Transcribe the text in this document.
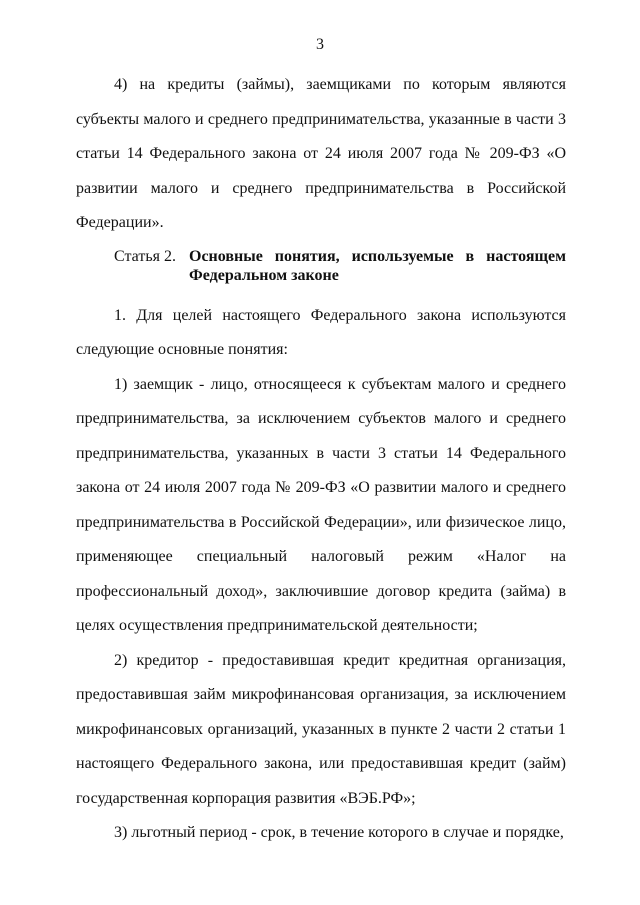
3

4) на кредиты (займы), заемщиками по которым являются субъекты малого и среднего предпринимательства, указанные в части 3 статьи 14 Федерального закона от 24 июля 2007 года № 209-ФЗ «О развитии малого и среднего предпринимательства в Российской Федерации».

Статья 2. Основные понятия, используемые в настоящем Федеральном законе

1. Для целей настоящего Федерального закона используются следующие основные понятия:

1) заемщик - лицо, относящееся к субъектам малого и среднего предпринимательства, за исключением субъектов малого и среднего предпринимательства, указанных в части 3 статьи 14 Федерального закона от 24 июля 2007 года № 209-ФЗ «О развитии малого и среднего предпринимательства в Российской Федерации», или физическое лицо, применяющее специальный налоговый режим «Налог на профессиональный доход», заключившие договор кредита (займа) в целях осуществления предпринимательской деятельности;

2) кредитор - предоставившая кредит кредитная организация, предоставившая займ микрофинансовая организация, за исключением микрофинансовых организаций, указанных в пункте 2 части 2 статьи 1 настоящего Федерального закона, или предоставившая кредит (займ) государственная корпорация развития «ВЭБ.РФ»;

3) льготный период - срок, в течение которого в случае и порядке,
